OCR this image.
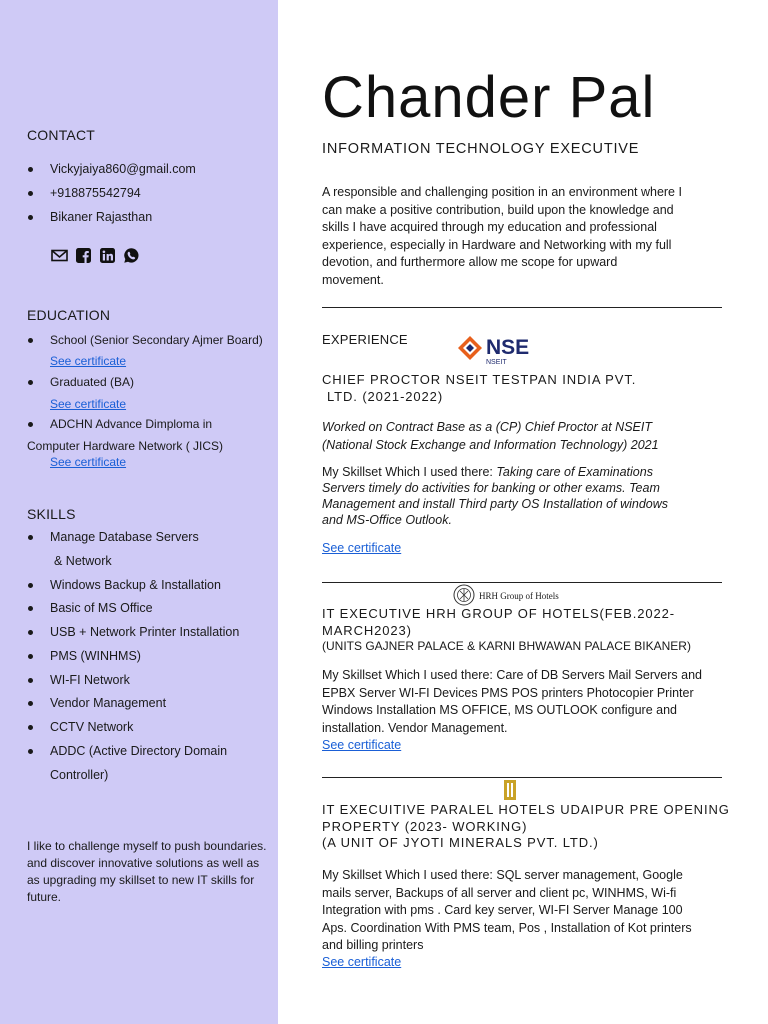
CONTACT
Vickyjaiya860@gmail.com
+918875542794
Bikaner Rajasthan
EDUCATION
School (Senior Secondary Ajmer Board)
See certificate
Graduated (BA)
See certificate
ADCHN Advance Dimploma in
Computer Hardware Network ( JICS)
See certificate
SKILLS
Manage Database Servers
& Network
Windows Backup & Installation
Basic of MS Office
USB + Network Printer Installation
PMS (WINHMS)
WI-FI Network
Vendor Management
CCTV Network
ADDC (Active Directory Domain
Controller)
I like to challenge myself to push boundaries.
and discover innovative solutions as well as
as upgrading my skillset to new IT skills for
future.
Chander Pal
INFORMATION TECHNOLOGY EXECUTIVE
A responsible and challenging position in an environment where I
can make a positive contribution, build upon the knowledge and
skills I have acquired through my education and professional
experience, especially in Hardware and Networking with my full
devotion, and furthermore allow me scope for upward
movement.
EXPERIENCE	NSE
NSEIT
CHIEF PROCTOR NSEIT TESTPAN INDIA PVT.
LTD. (2021-2022)
Worked on Contract Base as a (CP) Chief Proctor at NSEIT
(National Stock Exchange and Information Technology) 2021
My Skillset Which I used there: Taking care of Examinations
Servers timely do activities for banking or other exams. Team
Management and install Third party OS Installation of windows
and MS-Office Outlook.
See certificate
HRH Group of Hotels
IT EXECUTIVE HRH GROUP OF HOTELS(FEB.2022-
MARCH2023)
(UNITS GAJNER PALACE & KARNI BHWAWAN PALACE BIKANER)
My Skillset Which I used there: Care of DB Servers Mail Servers and
EPBX Server WI-FI Devices PMS POS printers Photocopier Printer
Windows Installation MS OFFICE, MS OUTLOOK configure and
installation. Vendor Management.
See certificate
IT EXECUITIVE PARALEL HOTELS UDAIPUR PRE OPENING
PROPERTY (2023- WORKING)
(A UNIT OF JYOTI MINERALS PVT. LTD.)
My Skillset Which I used there: SQL server management, Google
mails server, Backups of all server and client pc, WINHMS, Wi-fi
Integration with pms . Card key server, WI-FI Server Manage 100
Aps. Coordination With PMS team, Pos , Installation of Kot printers
and billing printers
See certificate
